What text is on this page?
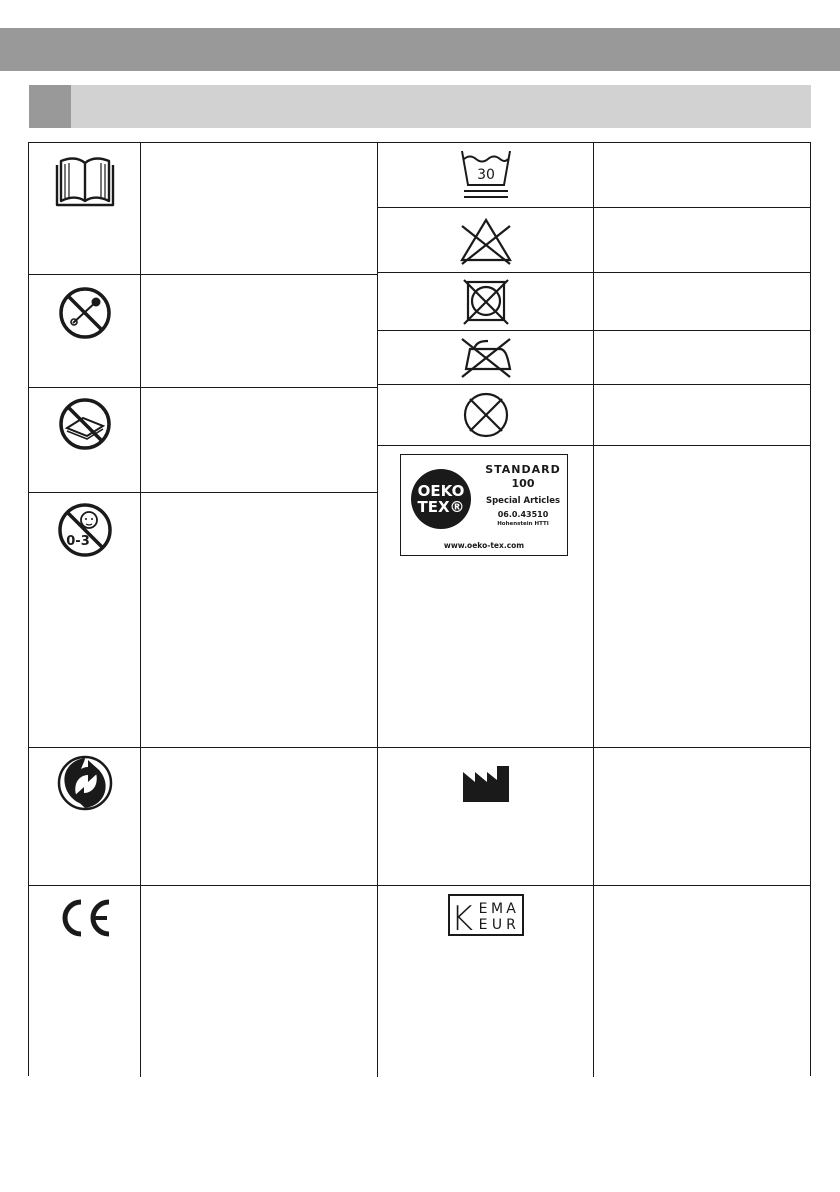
0-3
30
OEKO
TEX®
STANDARD
100
Special Articles
06.0.43510
Hohenstein HTTI
www.oeko-tex.com
K E M A
E U R
